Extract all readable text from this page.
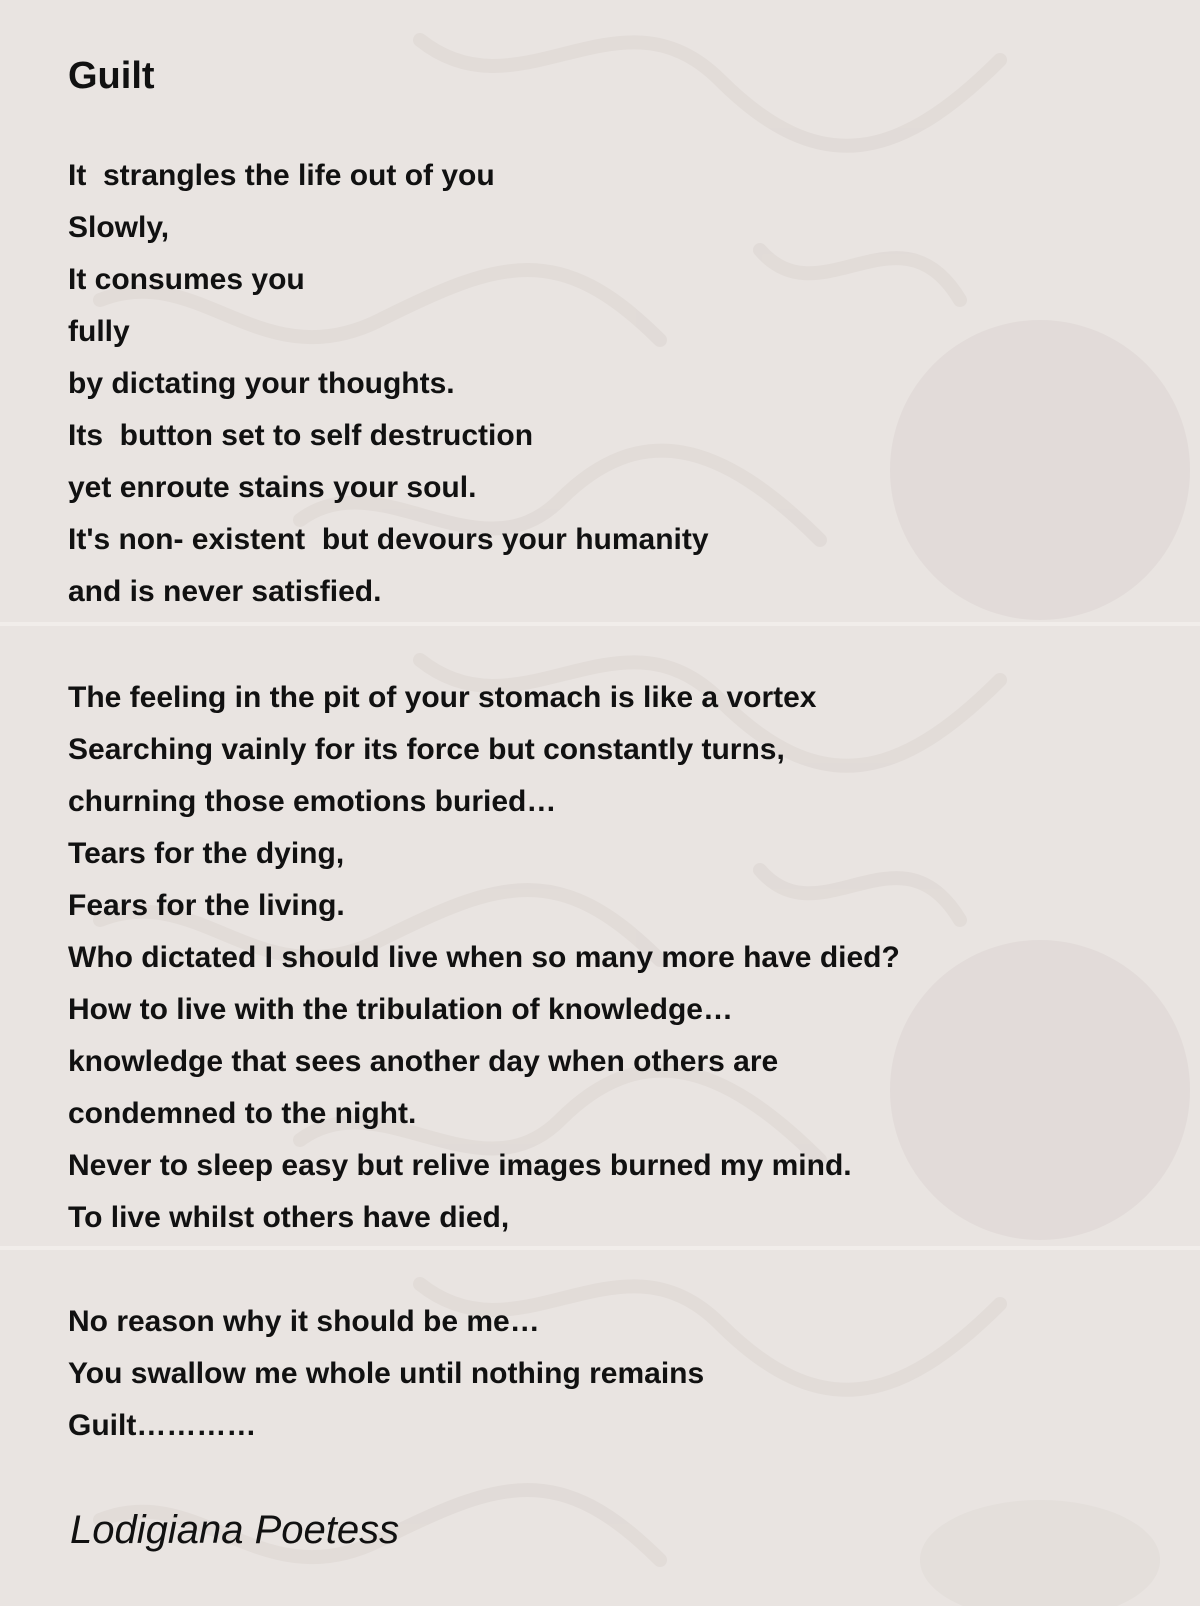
Guilt
It  strangles the life out of you
Slowly,
It consumes you
fully
by dictating your thoughts.
Its  button set to self destruction
yet enroute stains your soul.
It's non- existent  but devours your humanity
and is never satisfied.
The feeling in the pit of your stomach is like a vortex
Searching vainly for its force but constantly turns,
churning those emotions buried…
Tears for the dying,
Fears for the living.
Who dictated I should live when so many more have died?
How to live with the tribulation of knowledge…
knowledge that sees another day when others are
condemned to the night.
Never to sleep easy but relive images burned my mind.
To live whilst others have died,
No reason why it should be me…
You swallow me whole until nothing remains
Guilt…………
Lodigiana Poetess
